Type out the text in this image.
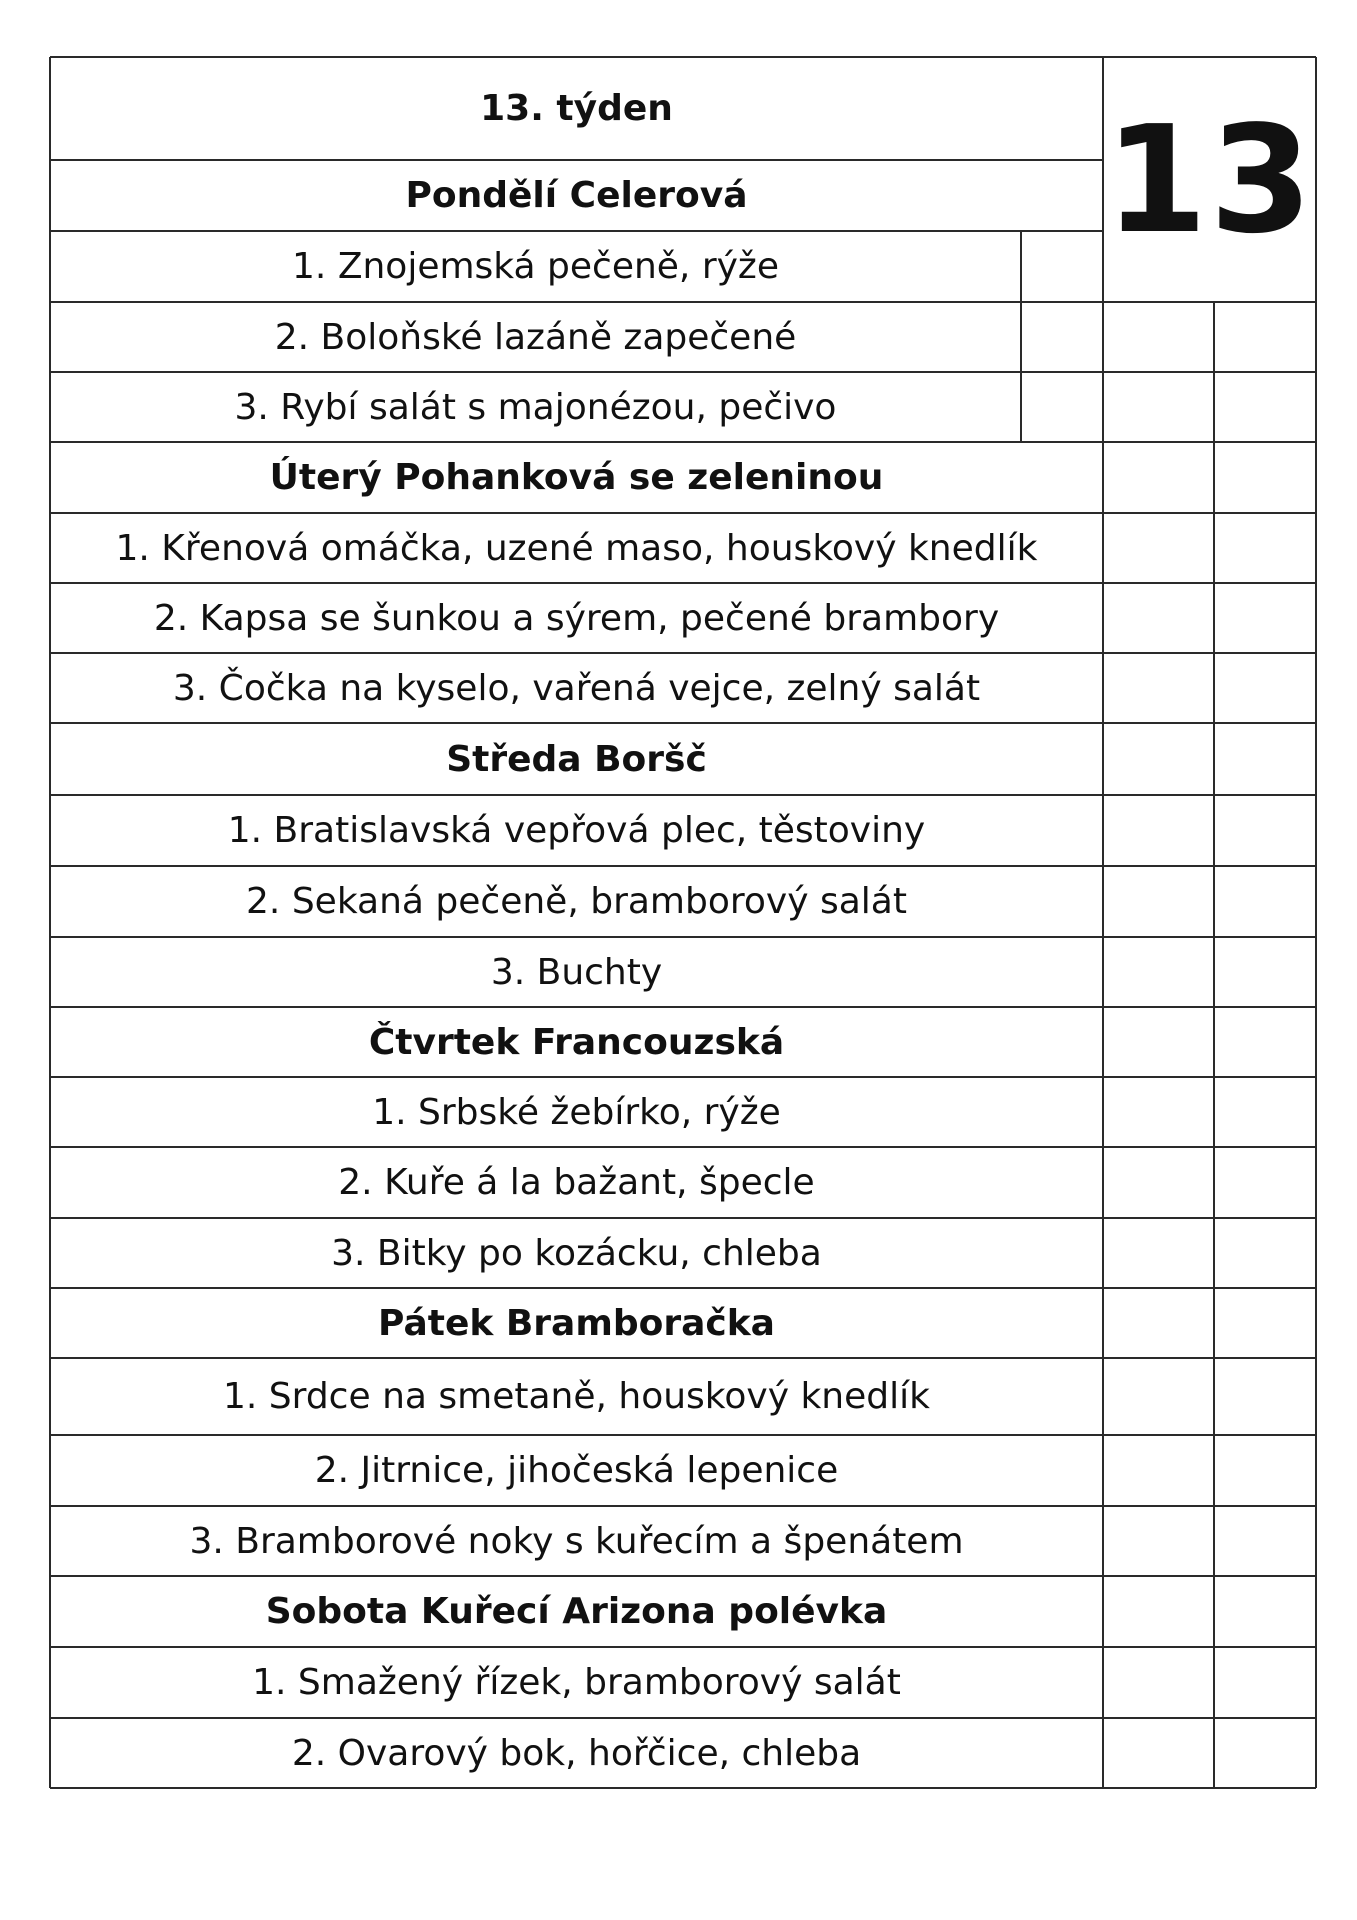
13. týden	13
Pondělí Celerová
1. Znojemská pečeně, rýže
2. Boloňské lazáně zapečené
3. Rybí salát s majonézou, pečivo
Úterý Pohanková se zeleninou
1. Křenová omáčka, uzené maso, houskový knedlík
2. Kapsa se šunkou a sýrem, pečené brambory
3. Čočka na kyselo, vařená vejce, zelný salát
Středa Boršč
1. Bratislavská vepřová plec, těstoviny
2. Sekaná pečeně, bramborový salát
3. Buchty
Čtvrtek Francouzská
1. Srbské žebírko, rýže
2. Kuře á la bažant, špecle
3. Bitky po kozácku, chleba
Pátek Bramboračka
1. Srdce na smetaně, houskový knedlík
2. Jitrnice, jihočeská lepenice
3. Bramborové noky s kuřecím a špenátem
Sobota Kuřecí Arizona polévka
1. Smažený řízek, bramborový salát
2. Ovarový bok, hořčice, chleba
